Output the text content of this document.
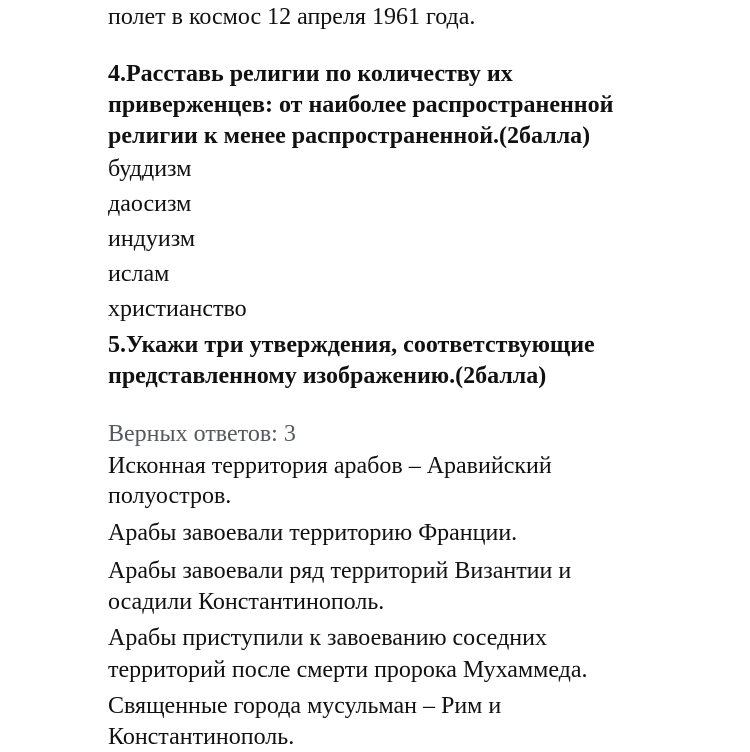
полет в космос 12 апреля 1961 года.
4.Расставь религии по количеству их
приверженцев: от наиболее распространенной
религии к менее распространенной.(2балла)
буддизм
даосизм
индуизм
ислам
христианство
5.Укажи три утверждения, соответствующие
представленному изображению.(2балла)
Верных ответов: 3
Исконная территория арабов – Аравийский
полуостров.
Арабы завоевали территорию Франции.
Арабы завоевали ряд территорий Византии и
осадили Константинополь.
Арабы приступили к завоеванию соседних
территорий после смерти пророка Мухаммеда.
Священные города мусульман – Рим и
Константинополь.
